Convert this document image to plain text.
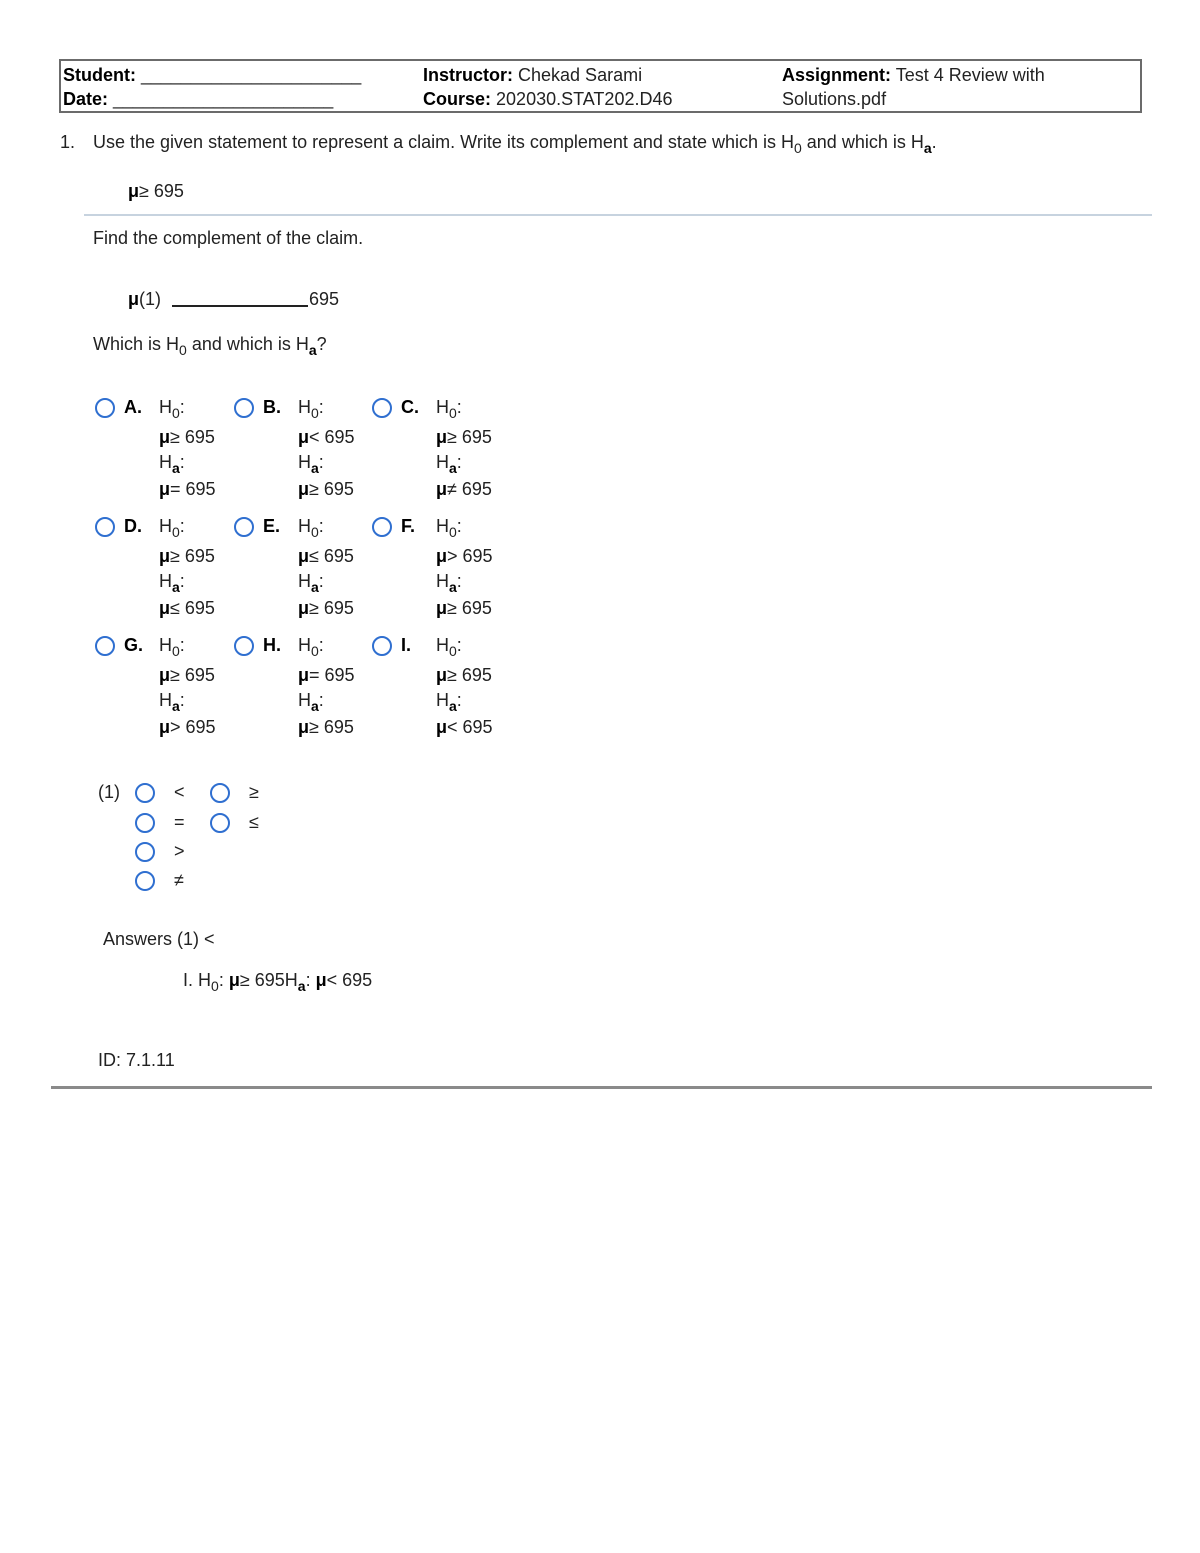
Student: ______________________
Date: ______________________
Instructor: Chekad Sarami
Course: 202030.STAT202.D46
Assignment: Test 4 Review with
Solutions.pdf
1. Use the given statement to represent a claim. Write its complement and state which is $H_0$ and which is $H_a$.
μ≥ 695
Find the complement of the claim.
μ(1)	695
Which is $H_0$ and which is $H_a$?
A. $H_0$:
μ≥ 695
$H_a$:
μ= 695
B. $H_0$:
μ< 695
$H_a$:
μ≥ 695
C. $H_0$:
μ≥ 695
$H_a$:
μ≠ 695
D. $H_0$:
μ≥ 695
$H_a$:
μ≤ 695
E. $H_0$:
μ≤ 695
$H_a$:
μ≥ 695
F. $H_0$:
μ> 695
$H_a$:
μ≥ 695
G. $H_0$:
μ≥ 695
$H_a$:
μ> 695
H. $H_0$:
μ= 695
$H_a$:
μ≥ 695
I. $H_0$:
μ≥ 695
$H_a$:
μ< 695
(1)	<
=
>
≠
≥
≤
Answers (1) <
I. $H_0$: $\mu\ge 695H_a$: μ< 695
ID: 7.1.11
